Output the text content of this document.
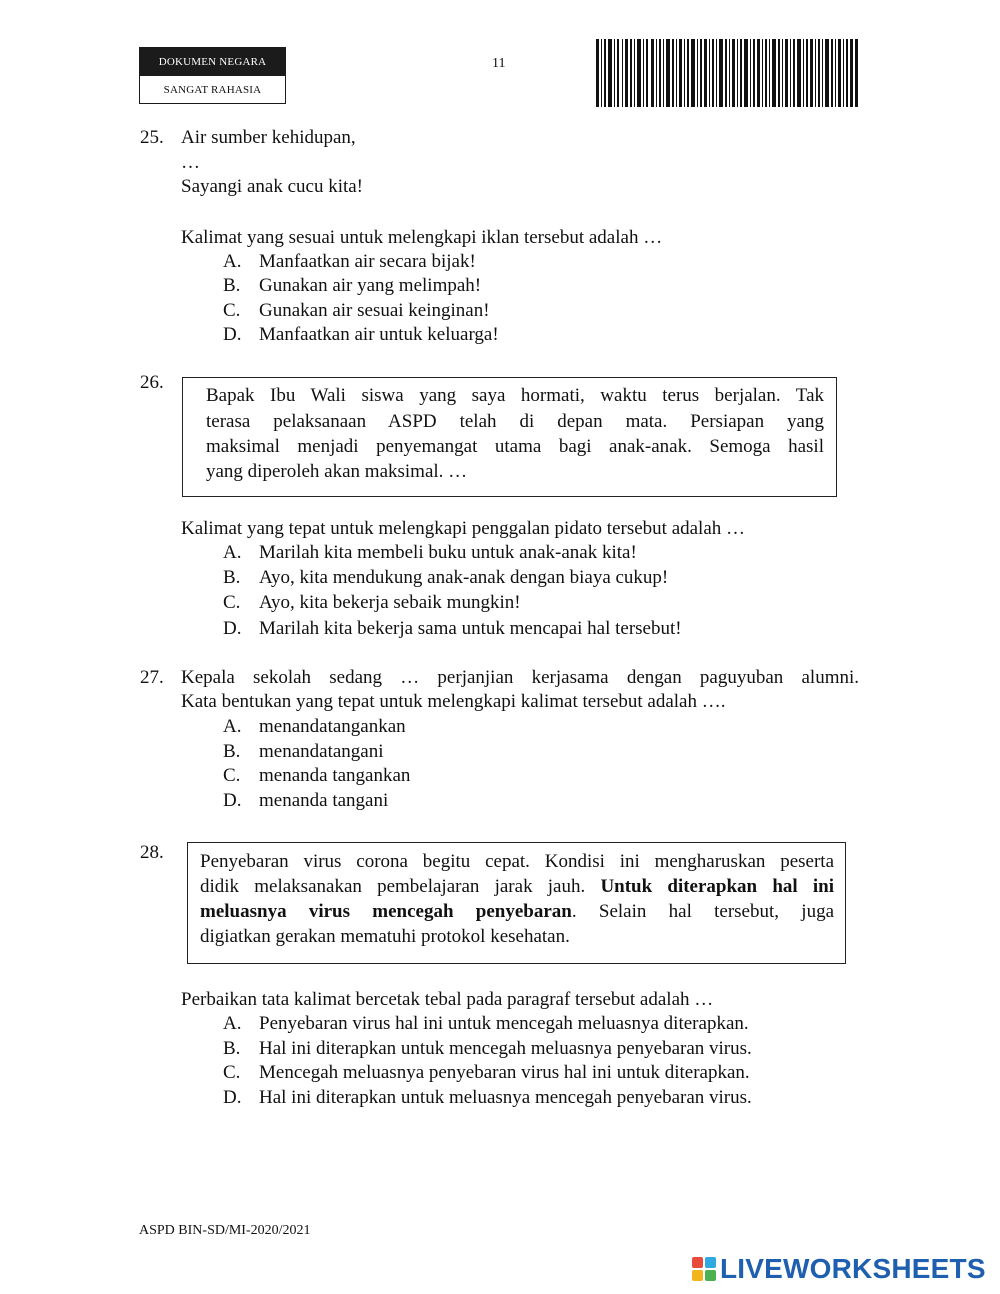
DOKUMEN NEGARA
SANGAT RAHASIA
11
25. Air sumber kehidupan,
…
Sayangi anak cucu kita!
Kalimat yang sesuai untuk melengkapi iklan tersebut adalah …
A. Manfaatkan air secara bijak!
B. Gunakan air yang melimpah!
C. Gunakan air sesuai keinginan!
D. Manfaatkan air untuk keluarga!
26.
Bapak Ibu Wali siswa yang saya hormati, waktu terus berjalan. Tak
terasa pelaksanaan ASPD telah di depan mata. Persiapan yang
maksimal menjadi penyemangat utama bagi anak-anak. Semoga hasil
yang diperoleh akan maksimal. …
Kalimat yang tepat untuk melengkapi penggalan pidato tersebut adalah …
A. Marilah kita membeli buku untuk anak-anak kita!
B. Ayo, kita mendukung anak-anak dengan biaya cukup!
C. Ayo, kita bekerja sebaik mungkin!
D. Marilah kita bekerja sama untuk mencapai hal tersebut!
27. Kepala sekolah sedang … perjanjian kerjasama dengan paguyuban alumni.
Kata bentukan yang tepat untuk melengkapi kalimat tersebut adalah ….
A. menandatangankan
B. menandatangani
C. menanda tangankan
D. menanda tangani
28. Penyebaran virus corona begitu cepat. Kondisi ini mengharuskan peserta
didik melaksanakan pembelajaran jarak jauh. Untuk diterapkan hal ini
meluasnya virus mencegah penyebaran. Selain hal tersebut, juga
digiatkan gerakan mematuhi protokol kesehatan.
Perbaikan tata kalimat bercetak tebal pada paragraf tersebut adalah …
A. Penyebaran virus hal ini untuk mencegah meluasnya diterapkan.
B. Hal ini diterapkan untuk mencegah meluasnya penyebaran virus.
C. Mencegah meluasnya penyebaran virus hal ini untuk diterapkan.
D. Hal ini diterapkan untuk meluasnya mencegah penyebaran virus.
ASPD BIN-SD/MI-2020/2021
LIVEWORKSHEETS
